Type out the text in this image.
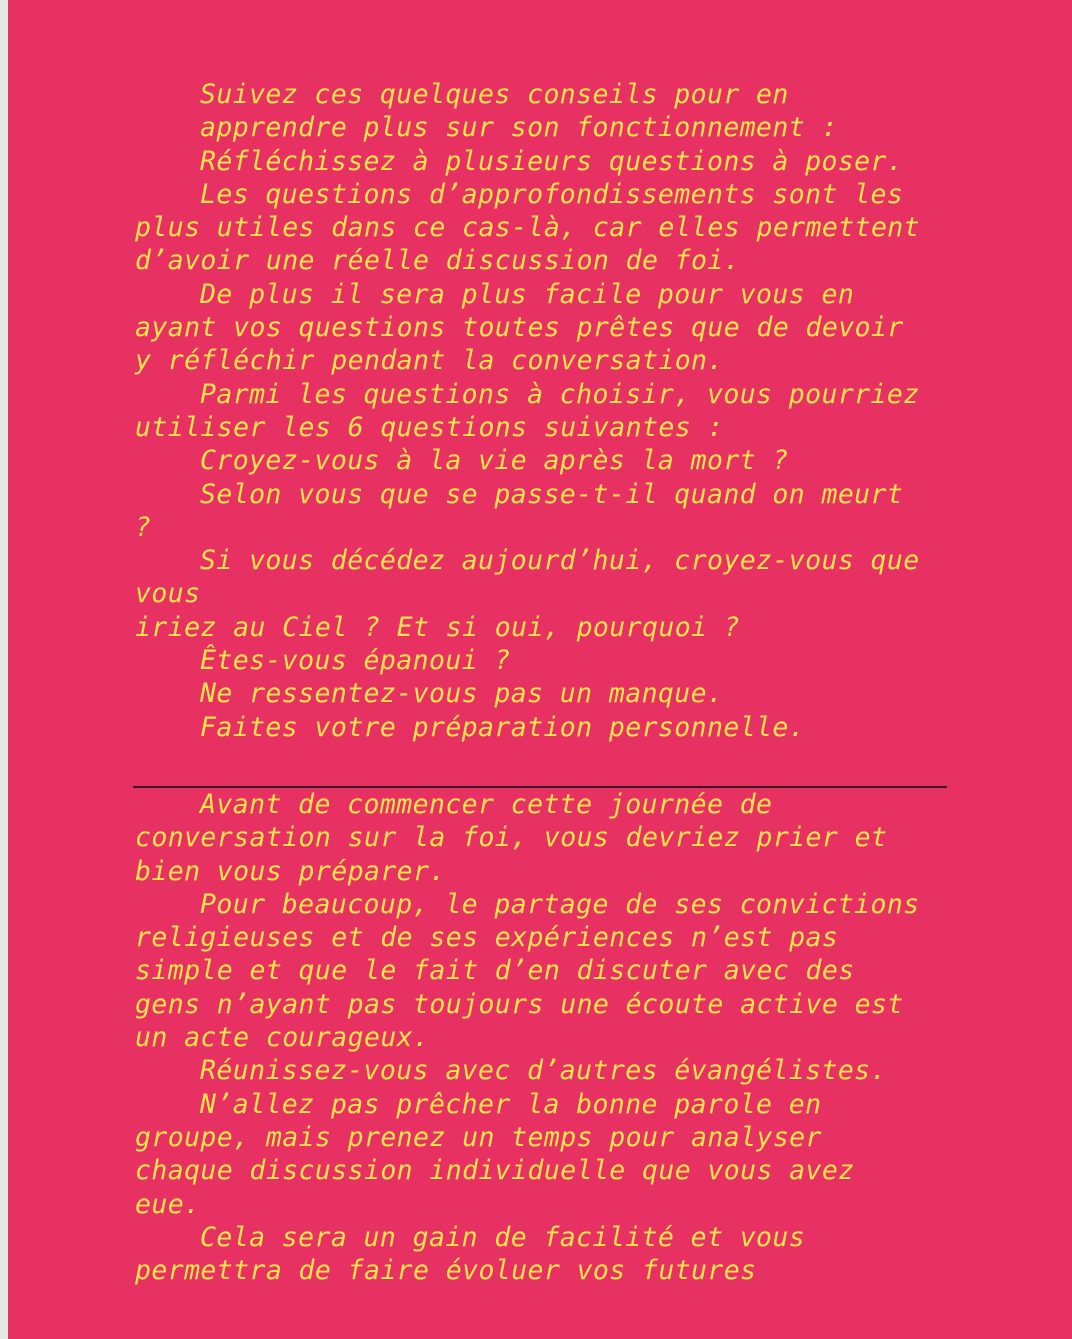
Suivez ces quelques conseils pour en
apprendre plus sur son fonctionnement :
Réfléchissez à plusieurs questions à poser.
Les questions d’approfondissements sont les
plus utiles dans ce cas-là, car elles permettent
d’avoir une réelle discussion de foi.
De plus il sera plus facile pour vous en
ayant vos questions toutes prêtes que de devoir
y réfléchir pendant la conversation.
Parmi les questions à choisir, vous pourriez
utiliser les 6 questions suivantes :
Croyez-vous à la vie après la mort ?
Selon vous que se passe-t-il quand on meurt
?
Si vous décédez aujourd’hui, croyez-vous que
vous
iriez au Ciel ? Et si oui, pourquoi ?
Êtes-vous épanoui ?
Ne ressentez-vous pas un manque.
Faites votre préparation personnelle.
Avant de commencer cette journée de
conversation sur la foi, vous devriez prier et
bien vous préparer.
Pour beaucoup, le partage de ses convictions
religieuses et de ses expériences n’est pas
simple et que le fait d’en discuter avec des
gens n’ayant pas toujours une écoute active est
un acte courageux.
Réunissez-vous avec d’autres évangélistes.
N’allez pas prêcher la bonne parole en
groupe, mais prenez un temps pour analyser
chaque discussion individuelle que vous avez
eue.
Cela sera un gain de facilité et vous
permettra de faire évoluer vos futures
